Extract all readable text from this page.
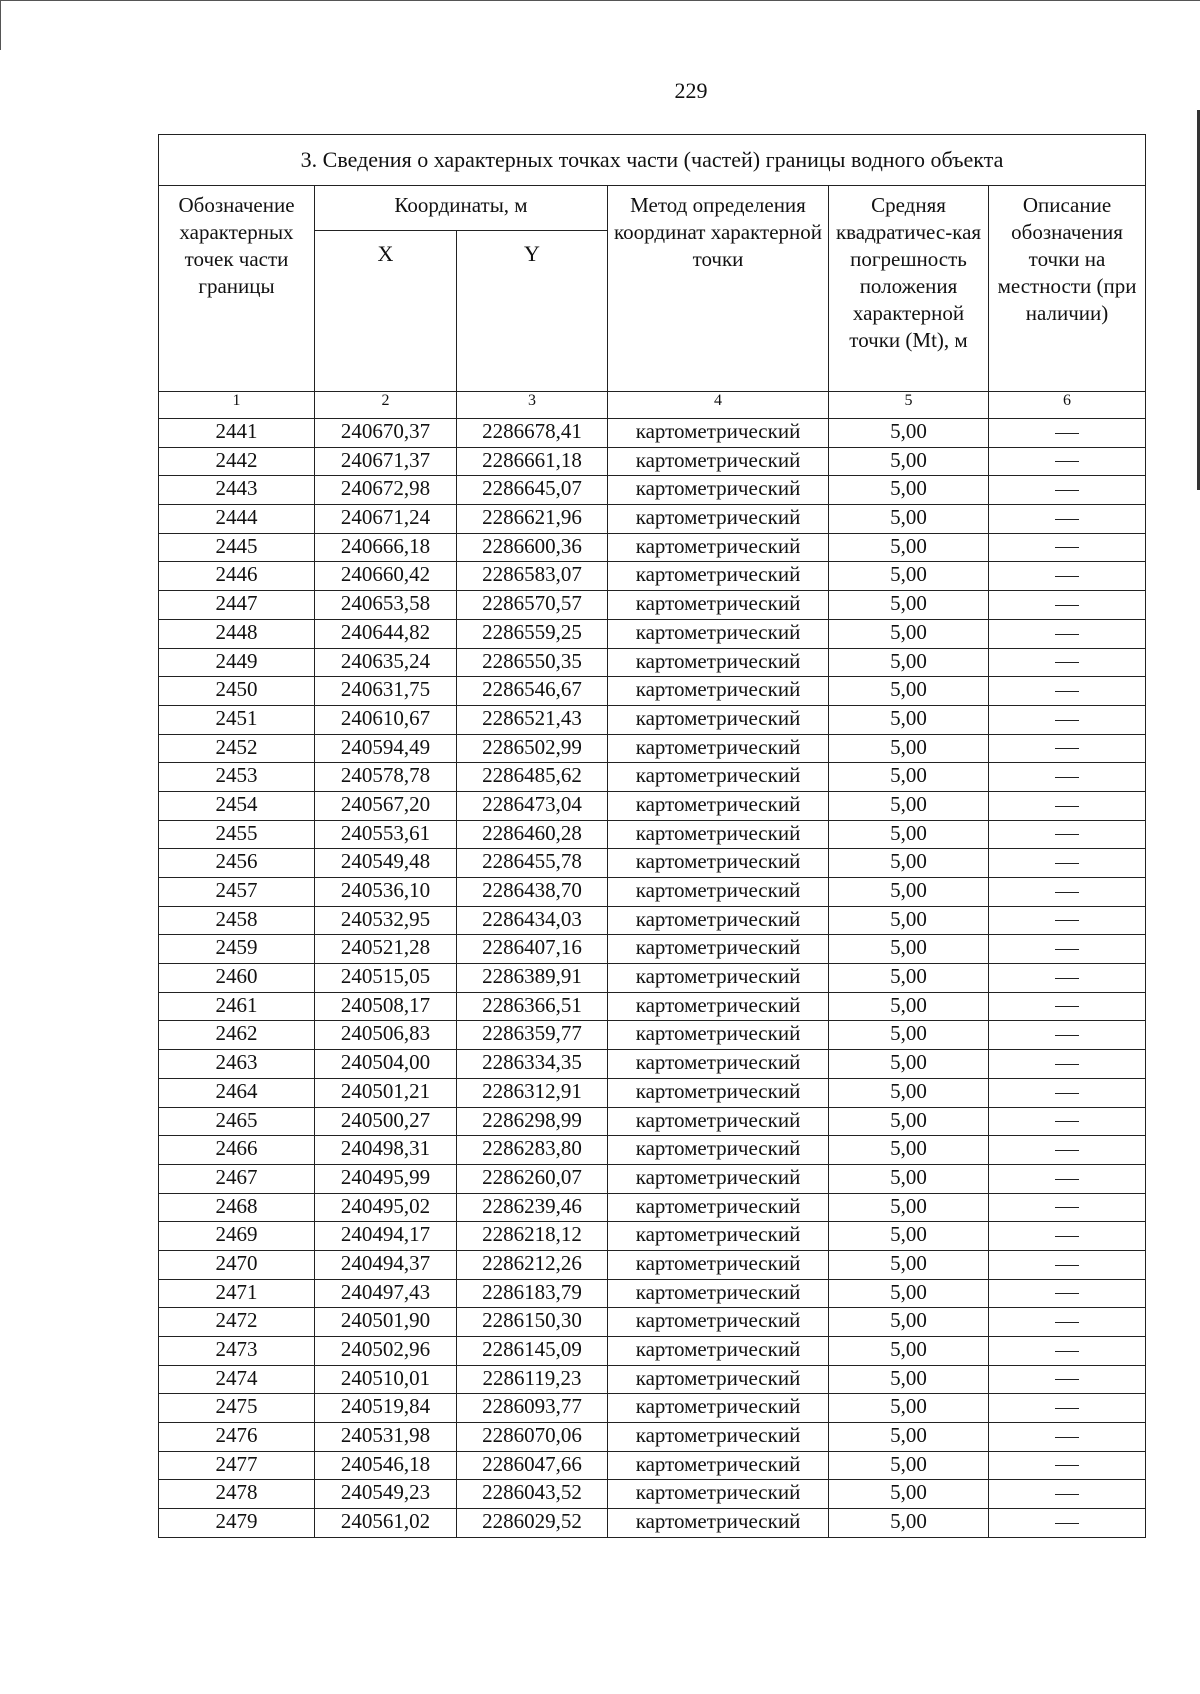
229
3. Сведения о характерных точках части (частей) границы водного объекта					
Обозначение характерных точек части границы	Координаты, м		Метод определения координат характерной точки	Средняя квадратичес-кая погрешность положения характерной точки (Mt), м	Описание обозначения точки на местности (при наличии)
	X	Y			
1	2	3	4	5	6
2441	240670,37	2286678,41	картометрический	5,00	
2442	240671,37	2286661,18	картометрический	5,00	
2443	240672,98	2286645,07	картометрический	5,00	
2444	240671,24	2286621,96	картометрический	5,00	
2445	240666,18	2286600,36	картометрический	5,00	
2446	240660,42	2286583,07	картометрический	5,00	
2447	240653,58	2286570,57	картометрический	5,00	
2448	240644,82	2286559,25	картометрический	5,00	
2449	240635,24	2286550,35	картометрический	5,00	
2450	240631,75	2286546,67	картометрический	5,00	
2451	240610,67	2286521,43	картометрический	5,00	
2452	240594,49	2286502,99	картометрический	5,00	
2453	240578,78	2286485,62	картометрический	5,00	
2454	240567,20	2286473,04	картометрический	5,00	
2455	240553,61	2286460,28	картометрический	5,00	
2456	240549,48	2286455,78	картометрический	5,00	
2457	240536,10	2286438,70	картометрический	5,00	
2458	240532,95	2286434,03	картометрический	5,00	
2459	240521,28	2286407,16	картометрический	5,00	
2460	240515,05	2286389,91	картометрический	5,00	
2461	240508,17	2286366,51	картометрический	5,00	
2462	240506,83	2286359,77	картометрический	5,00	
2463	240504,00	2286334,35	картометрический	5,00	
2464	240501,21	2286312,91	картометрический	5,00	
2465	240500,27	2286298,99	картометрический	5,00	
2466	240498,31	2286283,80	картометрический	5,00	
2467	240495,99	2286260,07	картометрический	5,00	
2468	240495,02	2286239,46	картометрический	5,00	
2469	240494,17	2286218,12	картометрический	5,00	
2470	240494,37	2286212,26	картометрический	5,00	
2471	240497,43	2286183,79	картометрический	5,00	
2472	240501,90	2286150,30	картометрический	5,00	
2473	240502,96	2286145,09	картометрический	5,00	
2474	240510,01	2286119,23	картометрический	5,00	
2475	240519,84	2286093,77	картометрический	5,00	
2476	240531,98	2286070,06	картометрический	5,00	
2477	240546,18	2286047,66	картометрический	5,00	
2478	240549,23	2286043,52	картометрический	5,00	
2479	240561,02	2286029,52	картометрический	5,00	
